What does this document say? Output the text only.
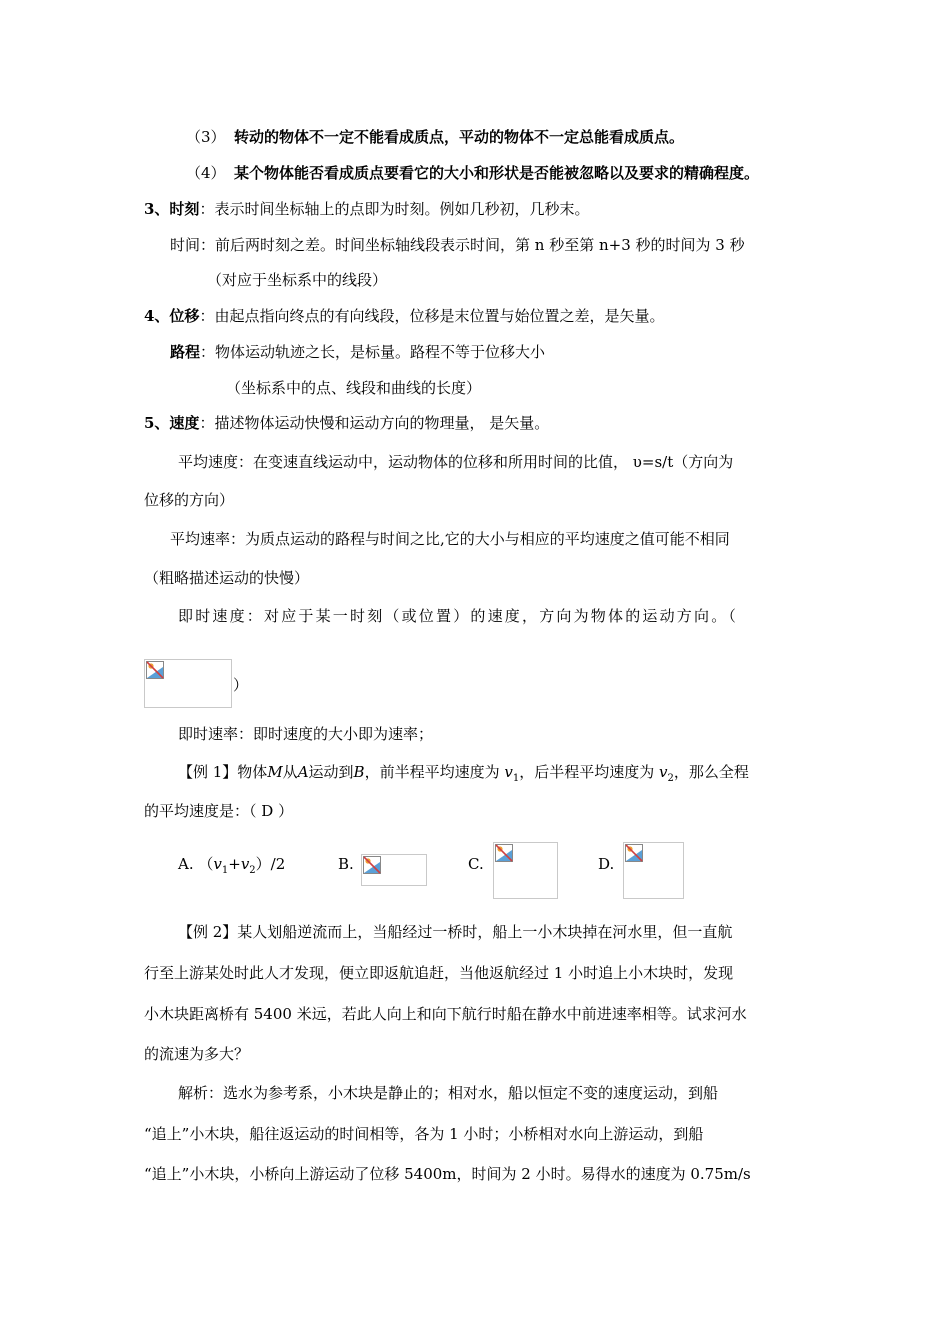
（3） 转动的物体不一定不能看成质点，平动的物体不一定总能看成质点。
（4） 某个物体能否看成质点要看它的大小和形状是否能被忽略以及要求的精确程度。
3、时刻：表示时间坐标轴上的点即为时刻。例如几秒初，几秒末。
时间：前后两时刻之差。时间坐标轴线段表示时间，第 n 秒至第 n+3 秒的时间为 3 秒
（对应于坐标系中的线段）
4、位移：由起点指向终点的有向线段，位移是末位置与始位置之差，是矢量。
路程：物体运动轨迹之长，是标量。路程不等于位移大小
（坐标系中的点、线段和曲线的长度）
5、速度：描述物体运动快慢和运动方向的物理量， 是矢量。
平均速度：在变速直线运动中，运动物体的位移和所用时间的比值， υ=s/t（方向为
位移的方向）
平均速率：为质点运动的路程与时间之比,它的大小与相应的平均速度之值可能不相同
（粗略描述运动的快慢）
即时速度：对应于某一时刻（或位置）的速度，方向为物体的运动方向。（
）
即时速率：即时速度的大小即为速率；
【例 1】物体M从A运动到B，前半程平均速度为 $v_1$，后半程平均速度为 $v_2$，那么全程
的平均速度是：（ D ）
A. $(v_1+v_2)/2$	B.	C.	D.
【例 2】某人划船逆流而上，当船经过一桥时，船上一小木块掉在河水里，但一直航
行至上游某处时此人才发现，便立即返航追赶，当他返航经过 1 小时追上小木块时，发现
小木块距离桥有 5400 米远，若此人向上和向下航行时船在静水中前进速率相等。试求河水
的流速为多大？
解析：选水为参考系，小木块是静止的；相对水，船以恒定不变的速度运动，到船
“追上”小木块，船往返运动的时间相等，各为 1 小时；小桥相对水向上游运动，到船
“追上”小木块，小桥向上游运动了位移 5400m，时间为 2 小时。易得水的速度为 0.75m/s
